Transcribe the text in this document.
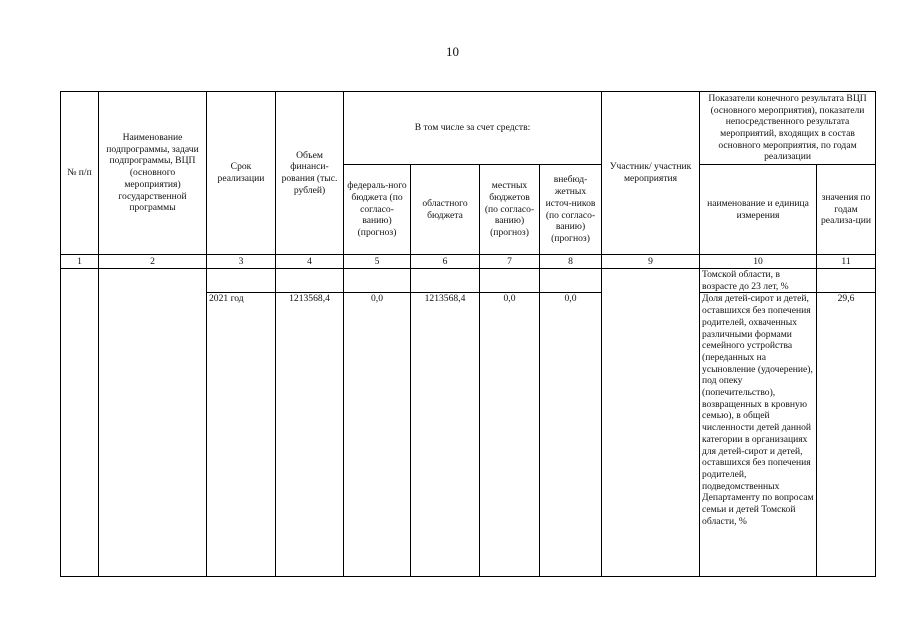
10
№ п/п	Наименование подпрограммы, задачи подпрограммы, ВЦП (основного мероприятия) государственной программы	Срок реализации	Объем финанси-рования (тыс. рублей)	В том числе за счет средств:				Участник/ участник мероприятия	Показатели конечного результата ВЦП (основного мероприятия), показатели непосредственного результата мероприятий, входящих в состав основного мероприятия, по годам реализации	
				федераль-ного бюджета (по согласо-ванию) (прогноз)	областного бюджета	местных бюджетов (по согласо-ванию) (прогноз)	внебюд-жетных источ-ников (по согласо-ванию) (прогноз)		наименование и единица измерения	значения по годам реализа-ции
1	2	3	4	5	6	7	8	9	10	11

									Томской области, в возрасте до 23 лет, %	

		2021 год	1213568,4	0,0	1213568,4	0,0	0,0		Доля детей-сирот и детей, оставшихся без попечения родителей, охваченных различными формами семейного устройства (переданных на усыновление (удочерение), под опеку (попечительство), возвращенных в кровную семью), в общей численности детей данной категории в организациях для детей-сирот и детей, оставшихся без попечения родителей, подведомственных Департаменту по вопросам семьи и детей Томской области, %	29,6
